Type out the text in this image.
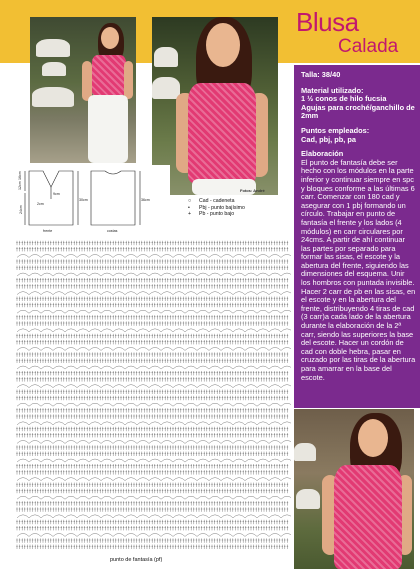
Fotos: André
Blusa
Calada
Talla: 38/40
Material utilizado:
1 ½ conos de hilo fucsia
Agujas para croché/ganchillo de 2mm
Puntos empleados:
Cad, pbj, pb, pa
Elaboración
El punto de fantasía debe ser hecho con los módulos en la parte inferior y continuar siempre en spc y bloques conforme a las últimas 6 carr. Comenzar con 180 cad y asegurar con 1 pbj formando un círculo. Trabajar en punto de fantasía el frente y los lados (4 módulos) en carr circulares por 24cms. A partir de ahí continuar las partes por separado para formar las sisas, el escote y la abertura del frente, siguiendo las dimensiones del esquema. Unir los hombros con puntada invisible. Hacer 2 carr de pb en las sisas, en el escote y en la abertura del frente, distribuyendo 4 tiras de cad (3 carr)a cada lado de la abertura durante la elaboración de la 2ª carr, siendo las superiores la base del escote. Hacer un cordón de cad con doble hebra, pasar en cruzado por las tiras de la abertura para amarrar en la base del escote.
16cm
12cm
24cm
9cm
2cm
30cm	36cm
frente	costas
○	Cad - cadeneta
•	Pbj - punto bajísimo
+	Pb - punto bajo
punto de fantasía (pf)
